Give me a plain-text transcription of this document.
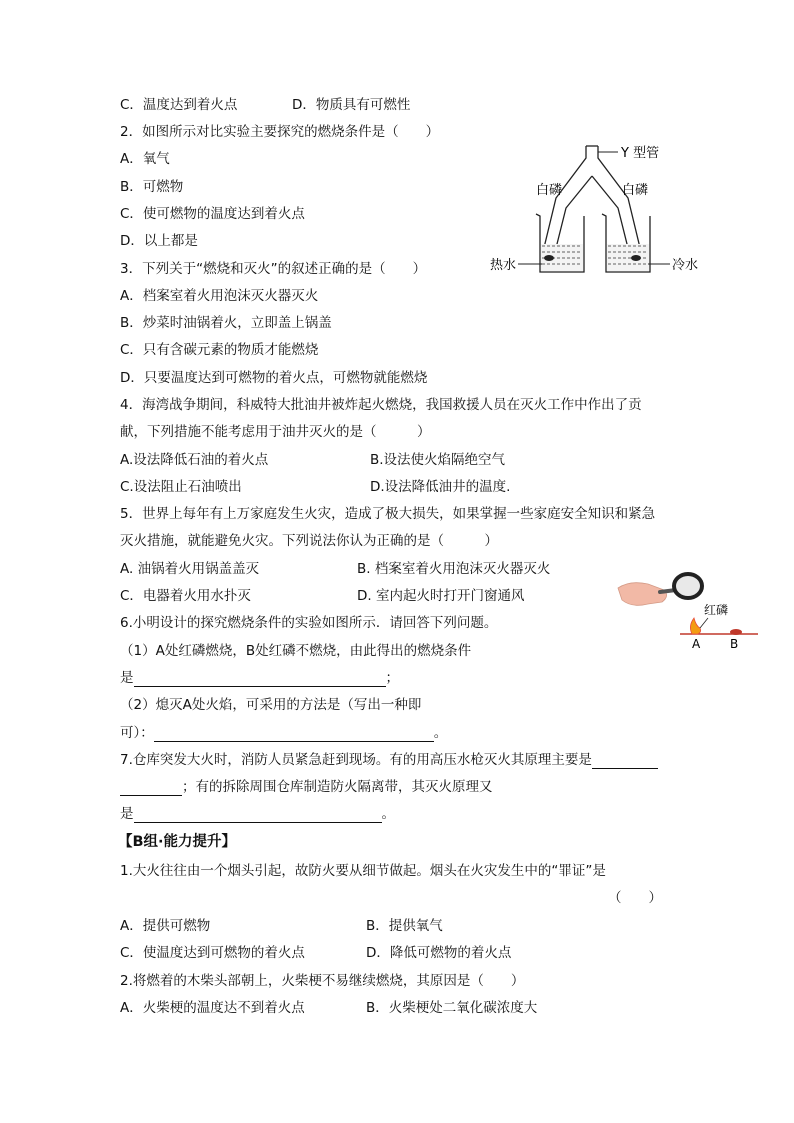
C．温度达到着火点	D．物质具有可燃性
2．如图所示对比实验主要探究的燃烧条件是（　　）
A．氧气
B．可燃物
C．使可燃物的温度达到着火点
D．以上都是
3．下列关于“燃烧和灭火”的叙述正确的是（　　）
A．档案室着火用泡沫灭火器灭火
B．炒菜时油锅着火，立即盖上锅盖
C．只有含碳元素的物质才能燃烧
D．只要温度达到可燃物的着火点，可燃物就能燃烧
4．海湾战争期间，科威特大批油井被炸起火燃烧，我国救援人员在灭火工作中作出了贡
献，下列措施不能考虑用于油井灭火的是（　　　）
A.设法降低石油的着火点	B.设法使火焰隔绝空气
C.设法阻止石油喷出	D.设法降低油井的温度.
5．世界上每年有上万家庭发生火灾，造成了极大损失，如果掌握一些家庭安全知识和紧急
灭火措施，就能避免火灾。下列说法你认为正确的是（　　　）
A. 油锅着火用锅盖盖灭	B. 档案室着火用泡沫灭火器灭火
C．电器着火用水扑灭	D. 室内起火时打开门窗通风
6.小明设计的探究燃烧条件的实验如图所示．请回答下列问题。
（1）A处红磷燃烧，B处红磷不燃烧，由此得出的燃烧条件
是	；
（2）熄灭A处火焰，可采用的方法是（写出一种即
可）：	。
7.仓库突发大火时，消防人员紧急赶到现场。有的用高压水枪灭火其原理主要是
；有的拆除周围仓库制造防火隔离带，其灭火原理又
是	。
【B组·能力提升】
1.大火往往由一个烟头引起，故防火要从细节做起。烟头在火灾发生中的“罪证”是
（　　）
A．提供可燃物	B．提供氧气
C．使温度达到可燃物的着火点	D．降低可燃物的着火点
2.将燃着的木柴头部朝上，火柴梗不易继续燃烧，其原因是（　　）
A．火柴梗的温度达不到着火点	B．火柴梗处二氧化碳浓度大
Y 型管
白磷	白磷
热水	冷水
红磷
A B
